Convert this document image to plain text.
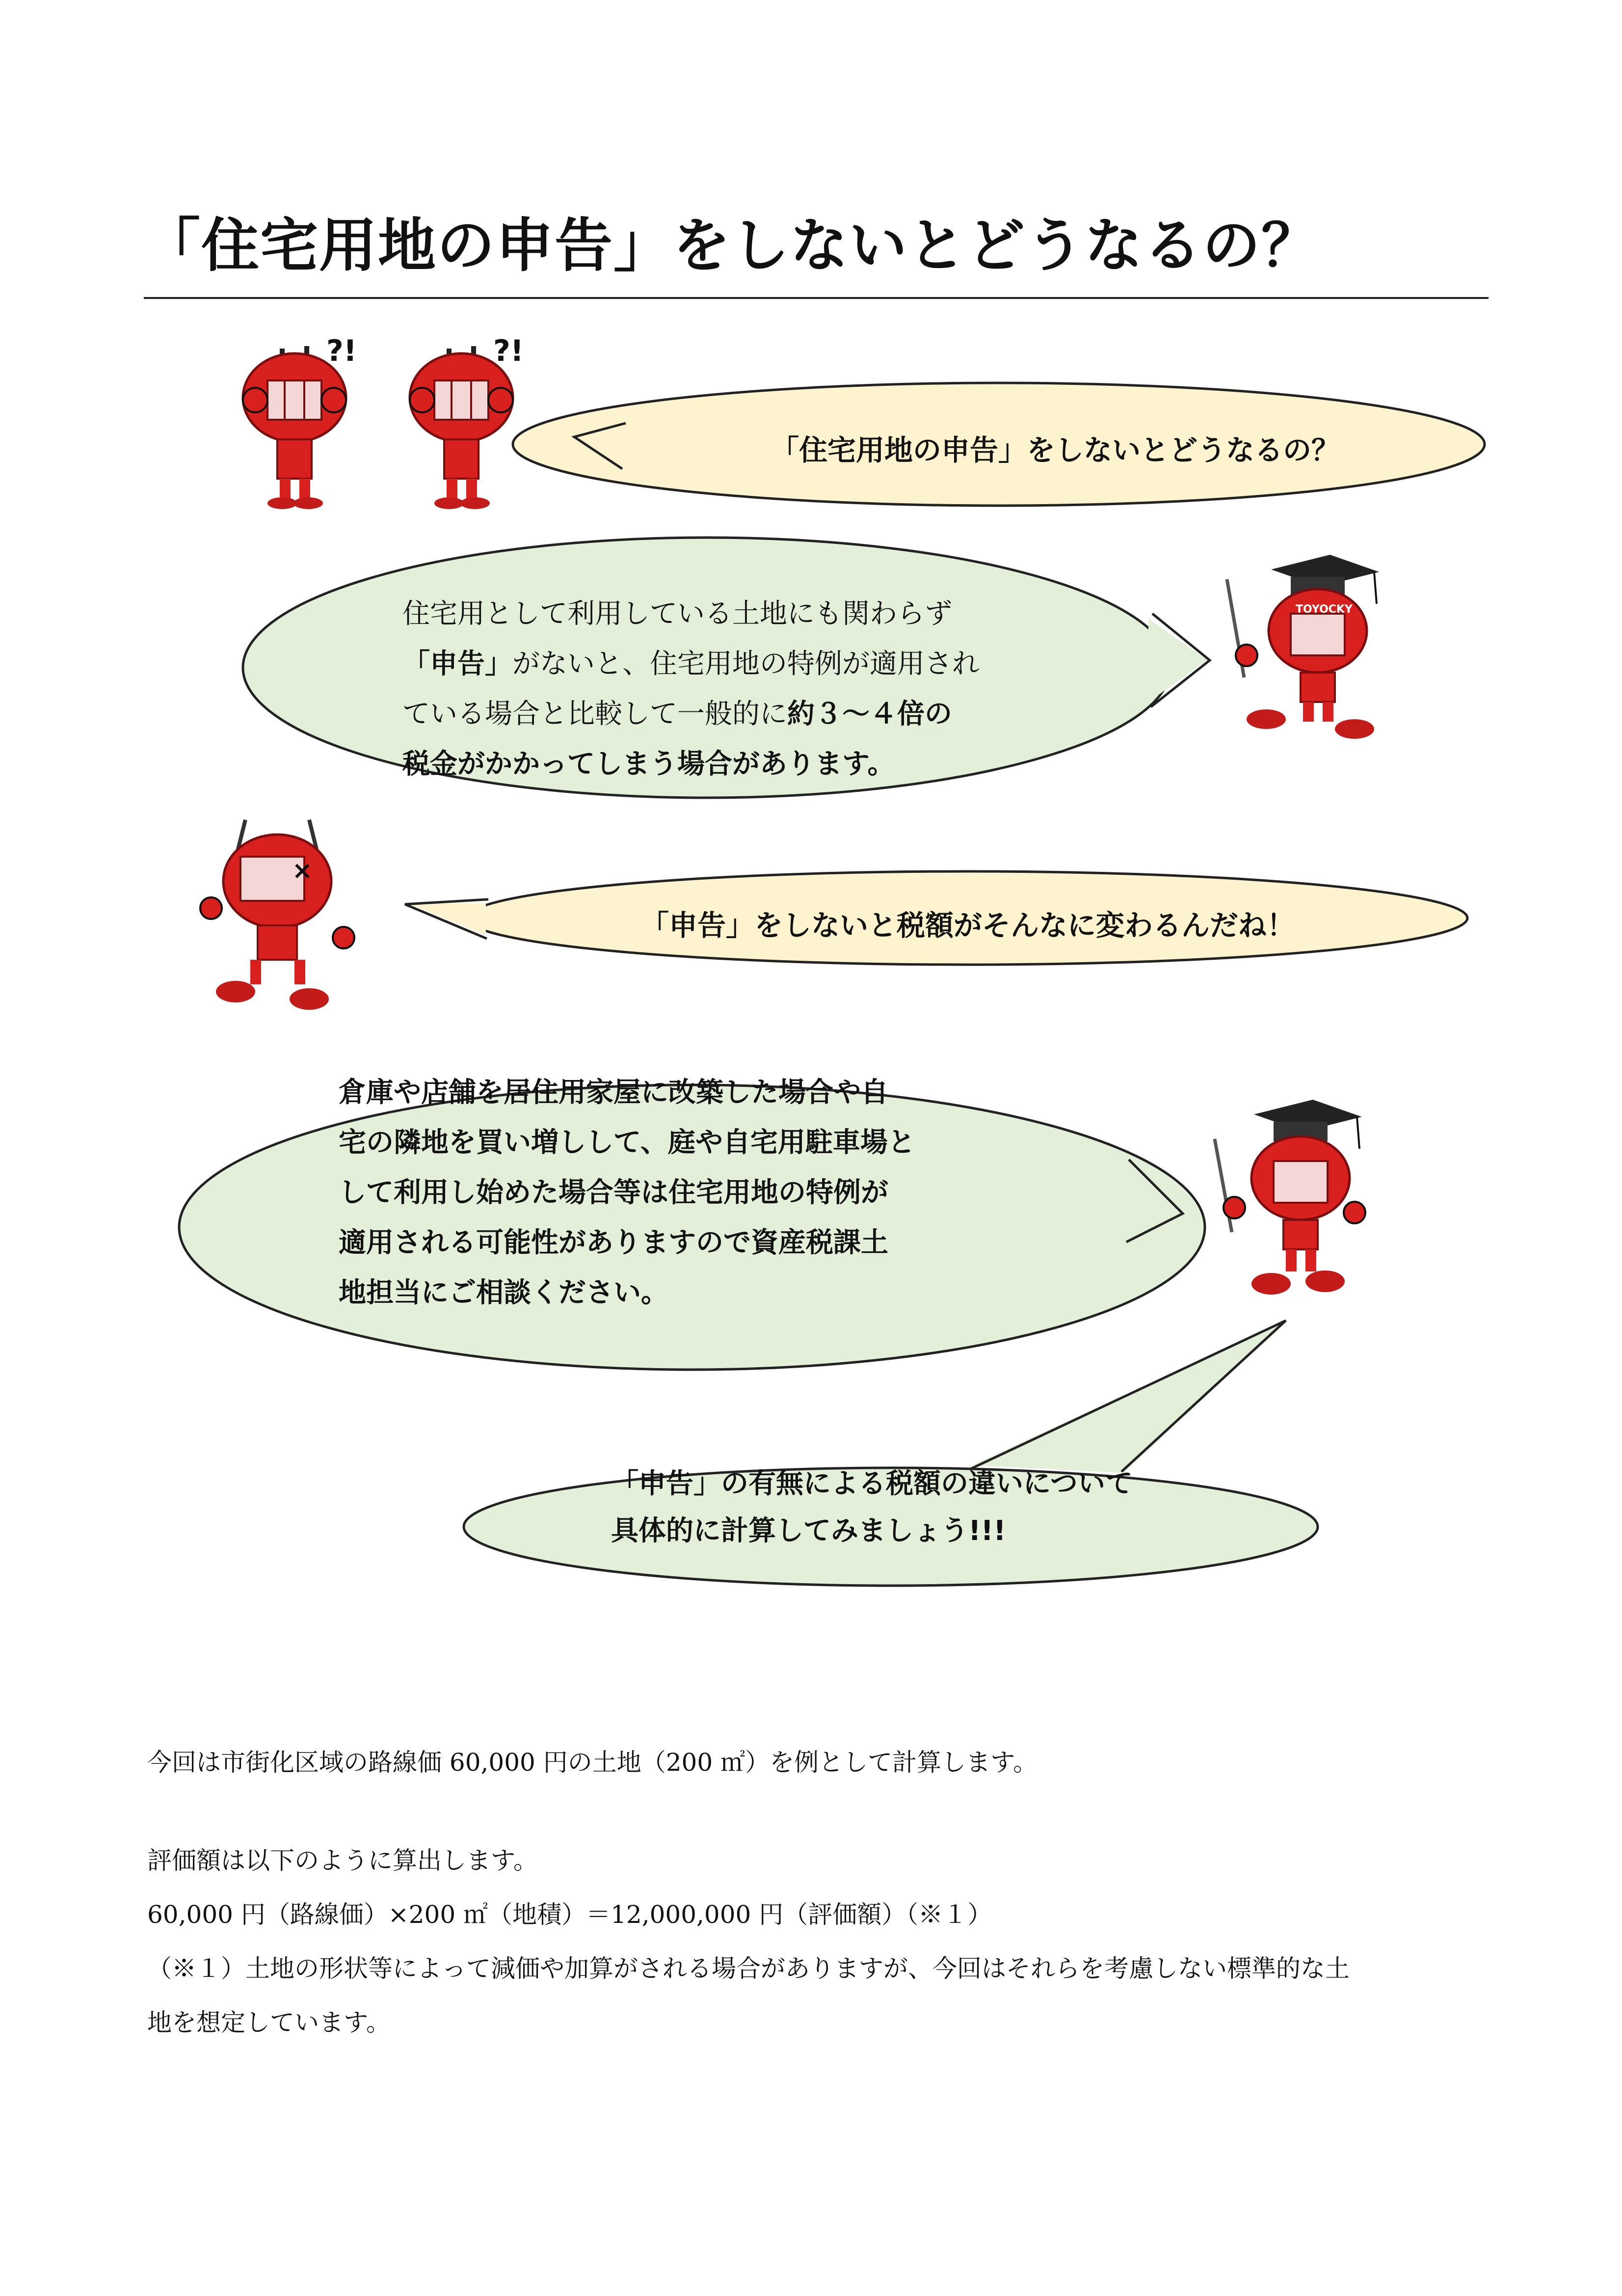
「住宅用地の申告」をしないとどうなるの？
?!	?!
TOYOCKY
×
「住宅用地の申告」をしないとどうなるの？
住宅用として利用している土地にも関わらず
「申告」がないと、住宅用地の特例が適用され
ている場合と比較して一般的に約３～４倍の
税金がかかってしまう場合があります。
「申告」をしないと税額がそんなに変わるんだね！
倉庫や店舗を居住用家屋に改築した場合や自
宅の隣地を買い増しして、庭や自宅用駐車場と
して利用し始めた場合等は住宅用地の特例が
適用される可能性がありますので資産税課土
地担当にご相談ください。
「申告」の有無による税額の違いについて
具体的に計算してみましょう!!!
今回は市街化区域の路線価 60,000 円の土地（200 ㎡）を例として計算します。
評価額は以下のように算出します。
60,000 円（路線価）×200 ㎡（地積）＝12,000,000 円（評価額）（※１）
（※１）土地の形状等によって減価や加算がされる場合がありますが、今回はそれらを考慮しない標準的な土
地を想定しています。
